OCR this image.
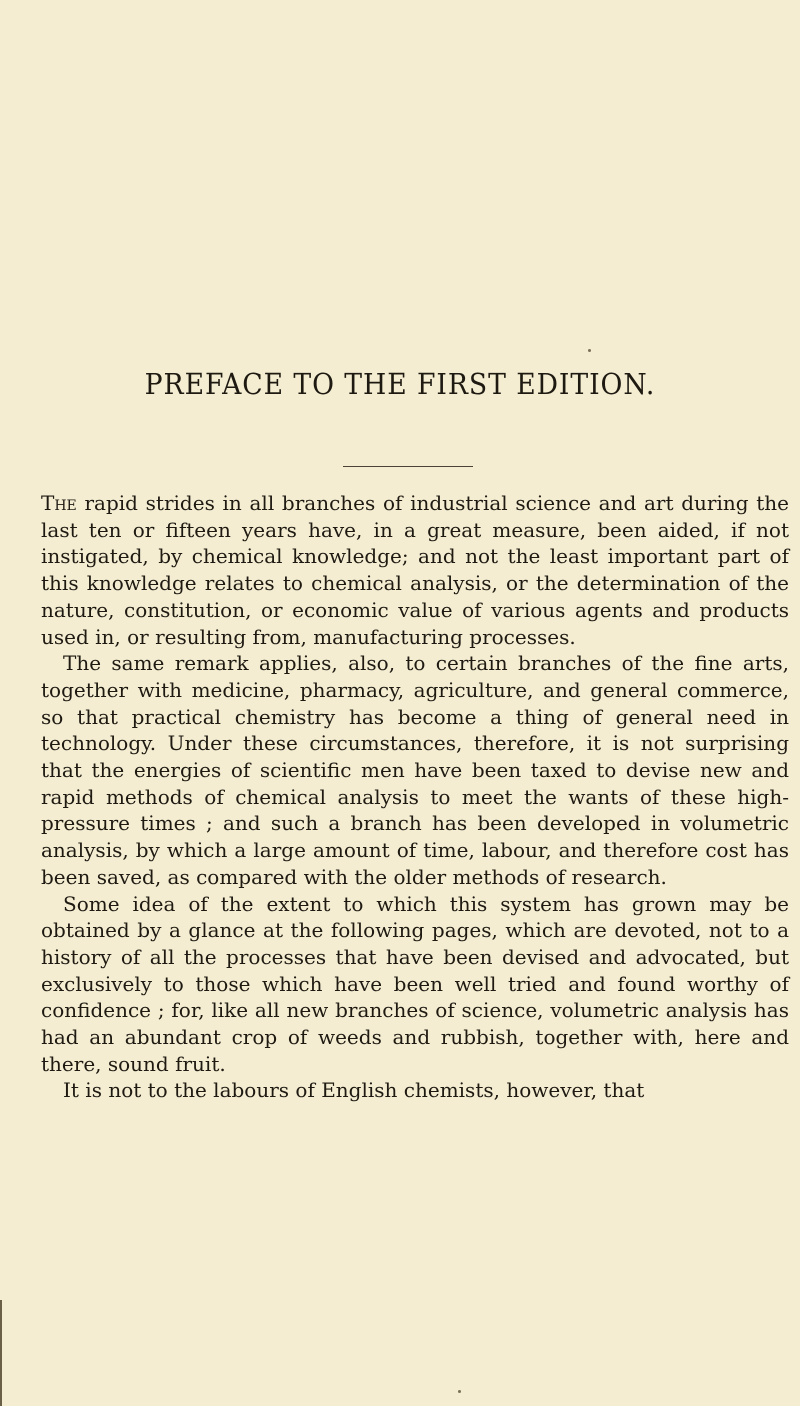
PREFACE TO THE FIRST EDITION.

The rapid strides in all branches of industrial science and art during the last ten or fifteen years have, in a great measure, been aided, if not instigated, by chemical knowledge; and not the least important part of this knowledge relates to chemical analysis, or the determination of the nature, constitution, or economic value of various agents and products used in, or resulting from, manufacturing processes.

The same remark applies, also, to certain branches of the fine arts, together with medicine, pharmacy, agriculture, and general commerce, so that practical chemistry has become a thing of general need in technology. Under these circumstances, therefore, it is not surprising that the energies of scientific men have been taxed to devise new and rapid methods of chemical analysis to meet the wants of these high-pressure times ; and such a branch has been developed in volumetric analysis, by which a large amount of time, labour, and therefore cost has been saved, as compared with the older methods of research.

Some idea of the extent to which this system has grown may be obtained by a glance at the following pages, which are devoted, not to a history of all the processes that have been devised and advocated, but exclusively to those which have been well tried and found worthy of confidence ; for, like all new branches of science, volumetric analysis has had an abundant crop of weeds and rubbish, together with, here and there, sound fruit.

It is not to the labours of English chemists, however, that
